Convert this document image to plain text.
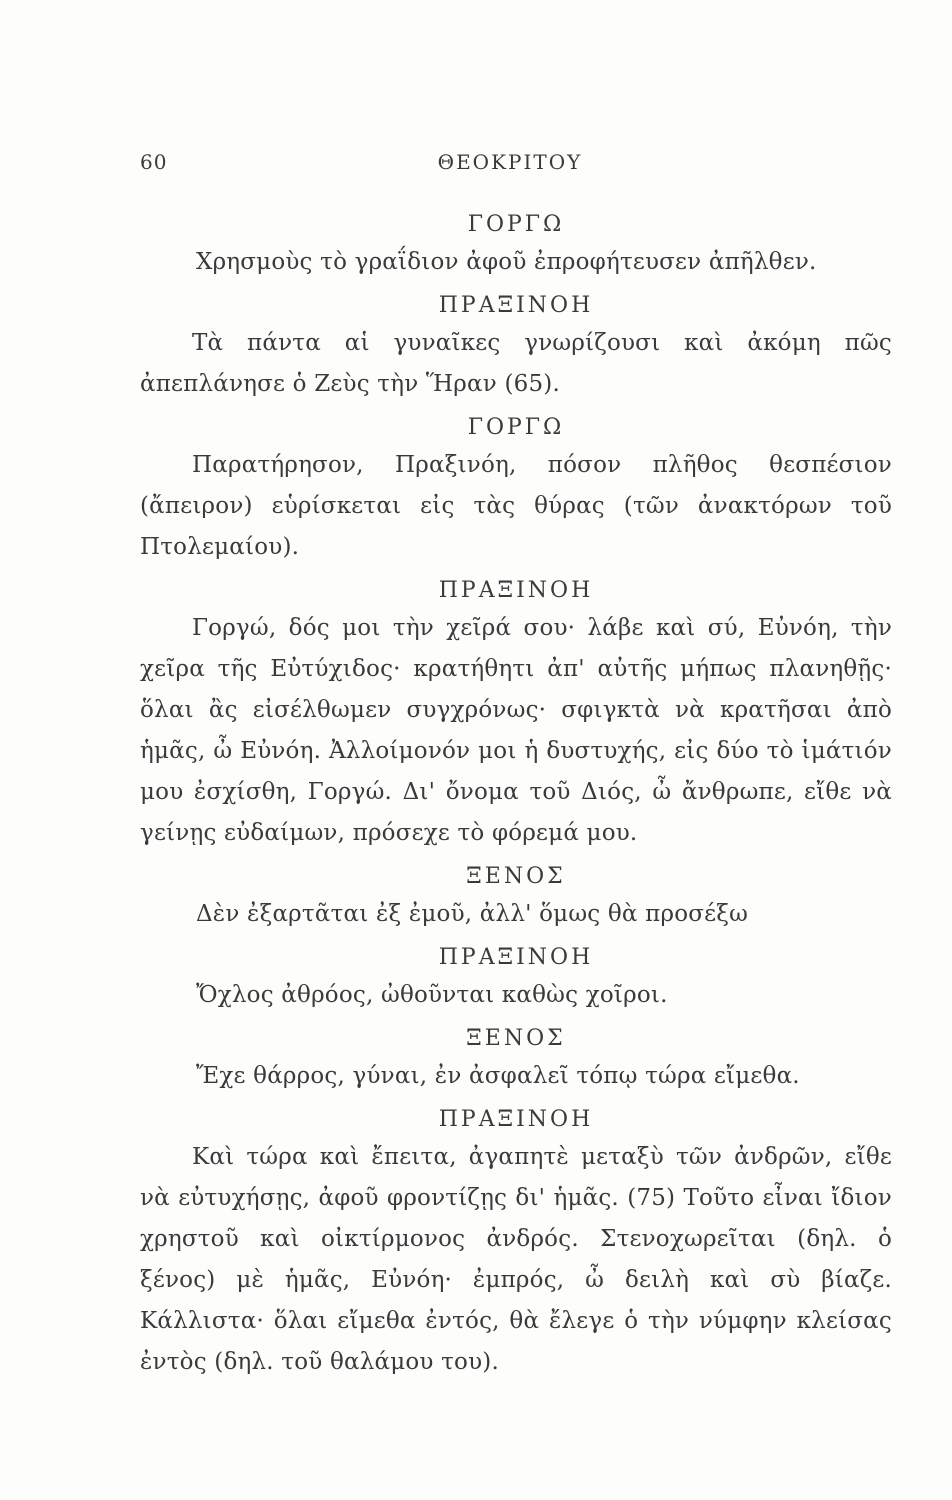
60	ΘΕΟΚΡΙΤΟΥ
ΓΟΡΓΩ

Χρησμοὺς τὸ γραΐδιον ἀφοῦ ἐπροφήτευσεν ἀπῆλθεν.

ΠΡΑΞΙΝΟΗ

Τὰ πάντα αἱ γυναῖκες γνωρίζουσι καὶ ἀκόμη πῶς ἀπεπλάνησε ὁ Ζεὺς τὴν Ἥραν (65).

ΓΟΡΓΩ

Παρατήρησον, Πραξινόη, πόσον πλῆθος θεσπέσιον (ἄπειρον) εὑρίσκεται εἰς τὰς θύρας (τῶν ἀνακτόρων τοῦ Πτολεμαίου).

ΠΡΑΞΙΝΟΗ

Γοργώ, δός μοι τὴν χεῖρά σου· λάβε καὶ σύ, Εὐνόη, τὴν χεῖρα τῆς Εὐτύχιδος· κρατήθητι ἀπ' αὐτῆς μήπως πλανηθῇς· ὅλαι ἂς εἰσέλθωμεν συγχρόνως· σφιγκτὰ νὰ κρατῆσαι ἀπὸ ἡμᾶς, ὦ Εὐνόη. Ἀλλοίμονόν μοι ἡ δυστυχής, εἰς δύο τὸ ἱμάτιόν μου ἐσχίσθη, Γοργώ. Δι' ὄνομα τοῦ Διός, ὦ ἄνθρωπε, εἴθε νὰ γείνῃς εὐδαίμων, πρόσεχε τὸ φόρεμά μου.

ΞΕΝΟΣ

Δὲν ἐξαρτᾶται ἐξ ἐμοῦ, ἀλλ' ὅμως θὰ προσέξω

ΠΡΑΞΙΝΟΗ

Ὄχλος ἀθρόος, ὠθοῦνται καθὼς χοῖροι.

ΞΕΝΟΣ

Ἔχε θάρρος, γύναι, ἐν ἀσφαλεῖ τόπῳ τώρα εἴμεθα.

ΠΡΑΞΙΝΟΗ

Καὶ τώρα καὶ ἔπειτα, ἀγαπητὲ μεταξὺ τῶν ἀνδρῶν, εἴθε νὰ εὐτυχήσῃς, ἀφοῦ φροντίζῃς δι' ἡμᾶς. (75) Τοῦτο εἶναι ἴδιον χρηστοῦ καὶ οἰκτίρμονος ἀνδρός. Στενοχωρεῖται (δηλ. ὁ ξένος) μὲ ἡμᾶς, Εὐνόη· ἐμπρός, ὦ δειλὴ καὶ σὺ βίαζε. Κάλλιστα· ὅλαι εἴμεθα ἐντός, θὰ ἔλεγε ὁ τὴν νύμφην κλείσας ἐντὸς (δηλ. τοῦ θαλάμου του).
